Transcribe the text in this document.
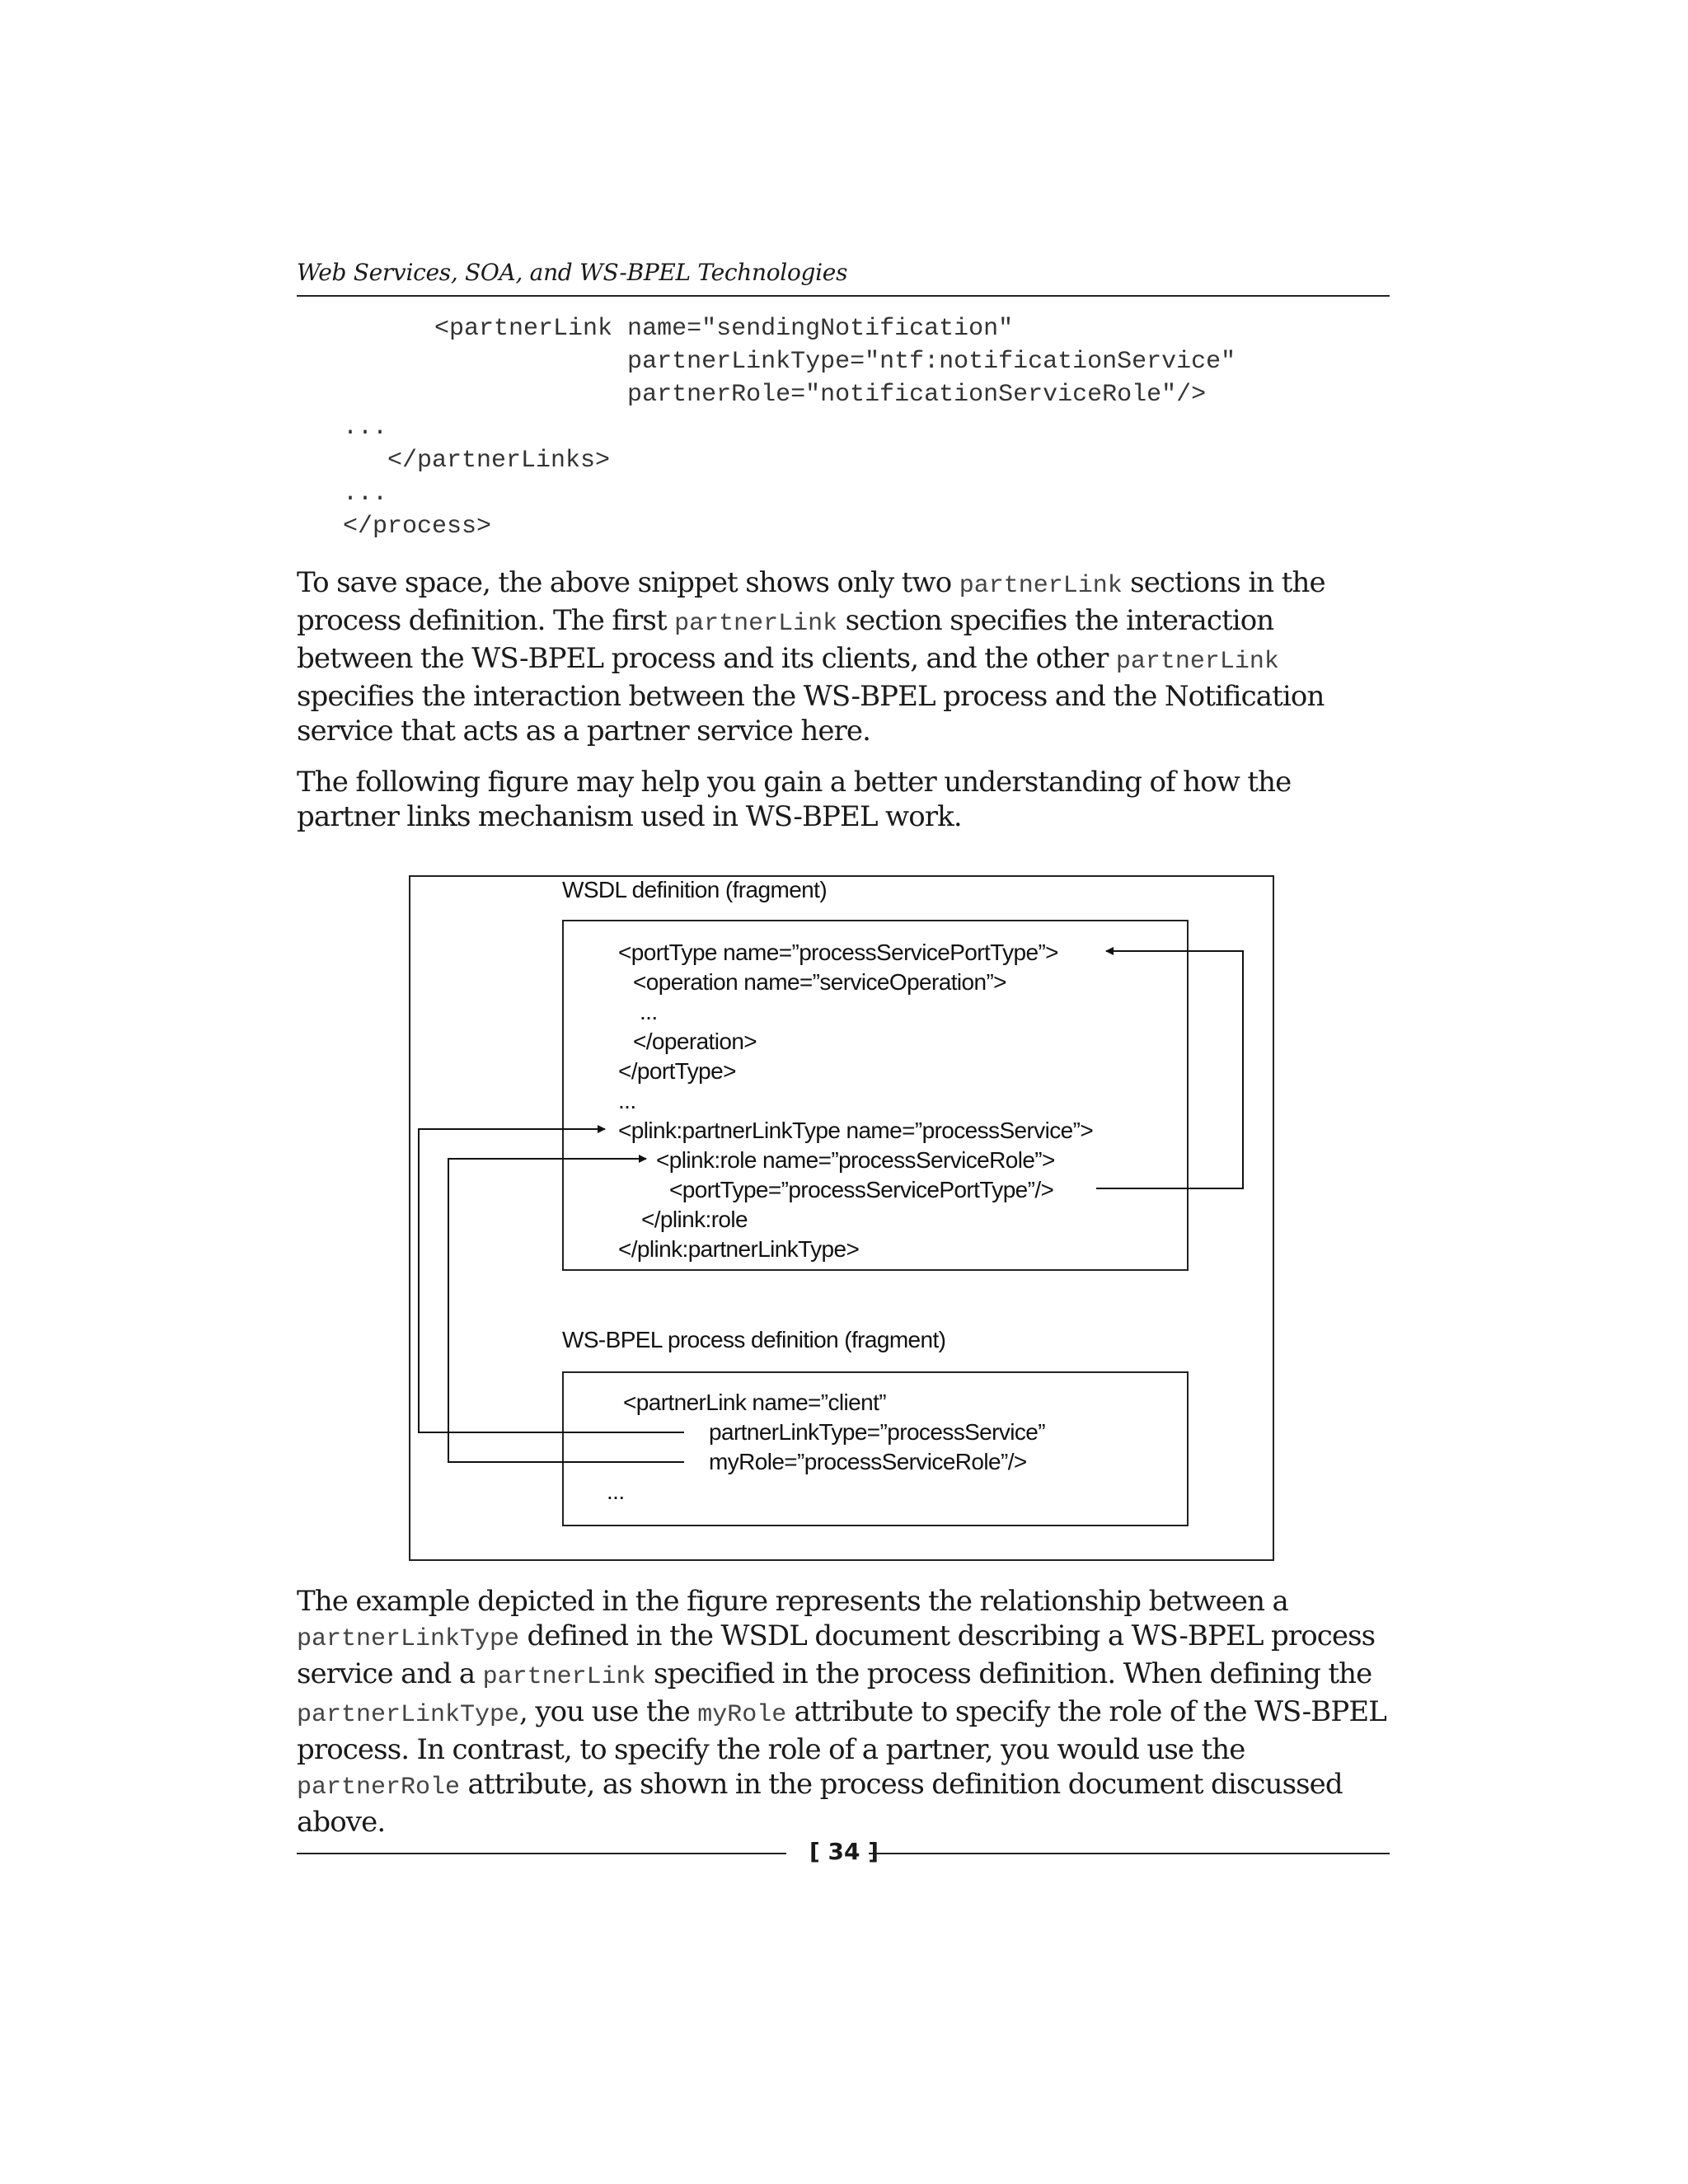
Web Services, SOA, and WS-BPEL Technologies
<partnerLink name="sendingNotification"
partnerLinkType="ntf:notificationService"
partnerRole="notificationServiceRole"/>
...
</partnerLinks>
...
</process>

To save space, the above snippet shows only two partnerLink sections in the process definition. The first partnerLink section specifies the interaction between the WS-BPEL process and its clients, and the other partnerLink specifies the interaction between the WS-BPEL process and the Notification service that acts as a partner service here.

The following figure may help you gain a better understanding of how the partner links mechanism used in WS-BPEL work.

WSDL definition (fragment)
<portType name=”processServicePortType”>
<operation name=”serviceOperation”>
...
</operation>
</portType>
...
<plink:partnerLinkType name=”processService”>
<plink:role name=”processServiceRole”>
<portType=”processServicePortType”/>
</plink:role
</plink:partnerLinkType>
WS-BPEL process definition (fragment)
<partnerLink name=”client”
partnerLinkType=”processService”
myRole=”processServiceRole”/>
...

The example depicted in the figure represents the relationship between a partnerLinkType defined in the WSDL document describing a WS-BPEL process service and a partnerLink specified in the process definition. When defining the partnerLinkType, you use the myRole attribute to specify the role of the WS-BPEL process. In contrast, to specify the role of a partner, you would use the partnerRole attribute, as shown in the process definition document discussed above.

[ 34 ]
